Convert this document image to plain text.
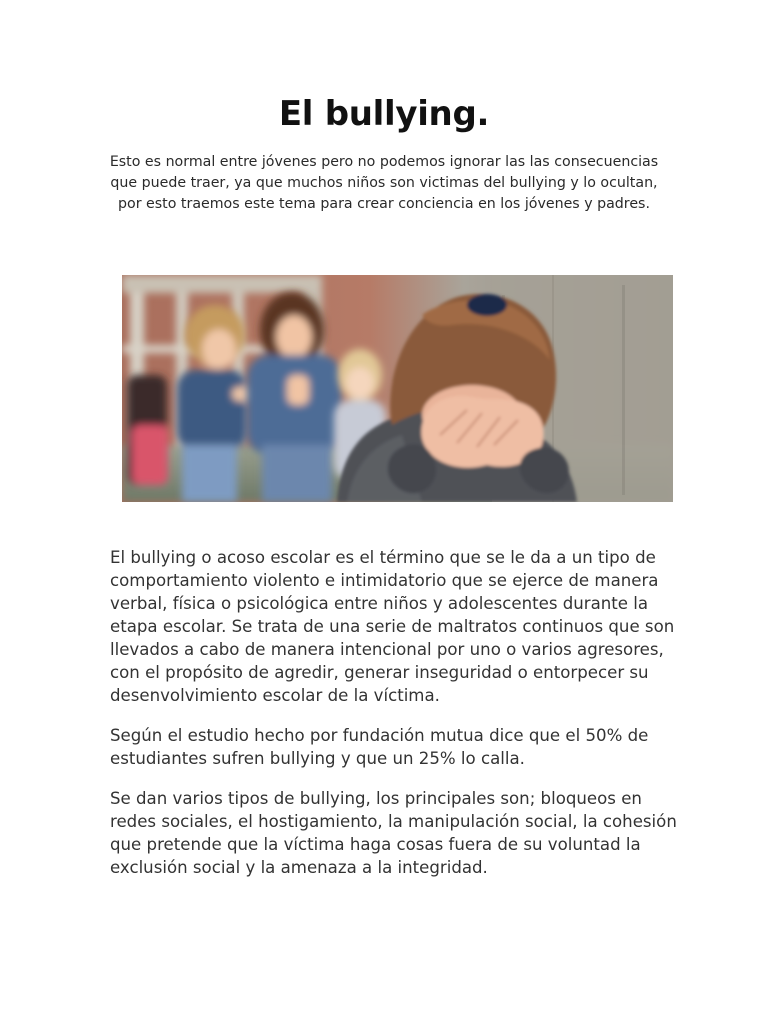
El bullying.

Esto es normal entre jóvenes pero no podemos ignorar las las consecuencias que puede traer, ya que muchos niños son victimas del bullying y lo ocultan, por esto traemos este tema para crear conciencia en los jóvenes y padres.

El bullying o acoso escolar es el término que se le da a un tipo de comportamiento violento e intimidatorio que se ejerce de manera verbal, física o psicológica entre niños y adolescentes durante la etapa escolar. Se trata de una serie de maltratos continuos que son llevados a cabo de manera intencional por uno o varios agresores, con el propósito de agredir, generar inseguridad o entorpecer su desenvolvimiento escolar de la víctima.

Según el estudio hecho por fundación mutua dice que el 50% de estudiantes sufren bullying y que un 25% lo calla.

Se dan varios tipos de bullying, los principales son; bloqueos en redes sociales, el hostigamiento, la manipulación social, la cohesión que pretende que la víctima haga cosas fuera de su voluntad la exclusión social y la amenaza a la integridad.
